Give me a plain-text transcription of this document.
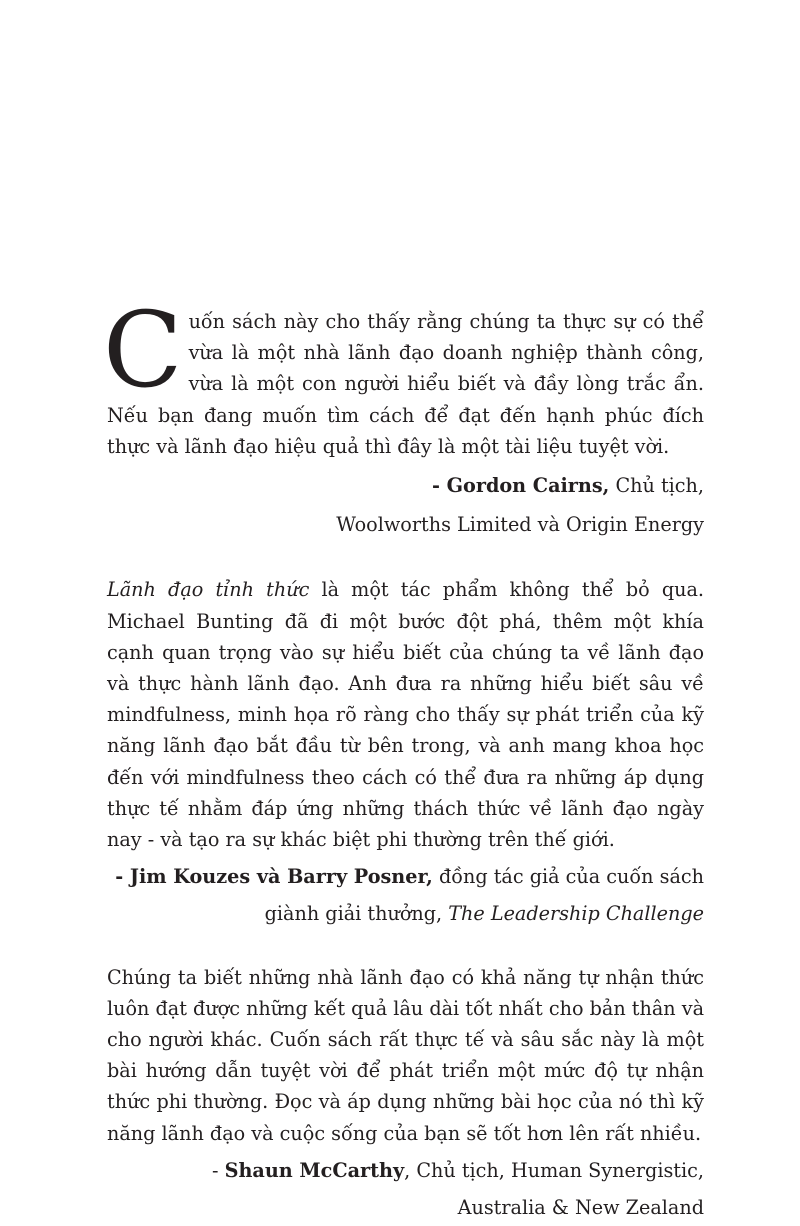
Cuốn sách này cho thấy rằng chúng ta thực sự có thể vừa là một nhà lãnh đạo doanh nghiệp thành công, vừa là một con người hiểu biết và đầy lòng trắc ẩn. Nếu bạn đang muốn tìm cách để đạt đến hạnh phúc đích thực và lãnh đạo hiệu quả thì đây là một tài liệu tuyệt vời.

- Gordon Cairns, Chủ tịch,

Woolworths Limited và Origin Energy

Lãnh đạo tỉnh thức là một tác phẩm không thể bỏ qua. Michael Bunting đã đi một bước đột phá, thêm một khía cạnh quan trọng vào sự hiểu biết của chúng ta về lãnh đạo và thực hành lãnh đạo. Anh đưa ra những hiểu biết sâu về mindfulness, minh họa rõ ràng cho thấy sự phát triển của kỹ năng lãnh đạo bắt đầu từ bên trong, và anh mang khoa học đến với mindfulness theo cách có thể đưa ra những áp dụng thực tế nhằm đáp ứng những thách thức về lãnh đạo ngày nay - và tạo ra sự khác biệt phi thường trên thế giới.

- Jim Kouzes và Barry Posner, đồng tác giả của cuốn sách

giành giải thưởng, The Leadership Challenge

Chúng ta biết những nhà lãnh đạo có khả năng tự nhận thức luôn đạt được những kết quả lâu dài tốt nhất cho bản thân và cho người khác. Cuốn sách rất thực tế và sâu sắc này là một bài hướng dẫn tuyệt vời để phát triển một mức độ tự nhận thức phi thường. Đọc và áp dụng những bài học của nó thì kỹ năng lãnh đạo và cuộc sống của bạn sẽ tốt hơn lên rất nhiều.

- Shaun McCarthy, Chủ tịch, Human Synergistic,

Australia & New Zealand
